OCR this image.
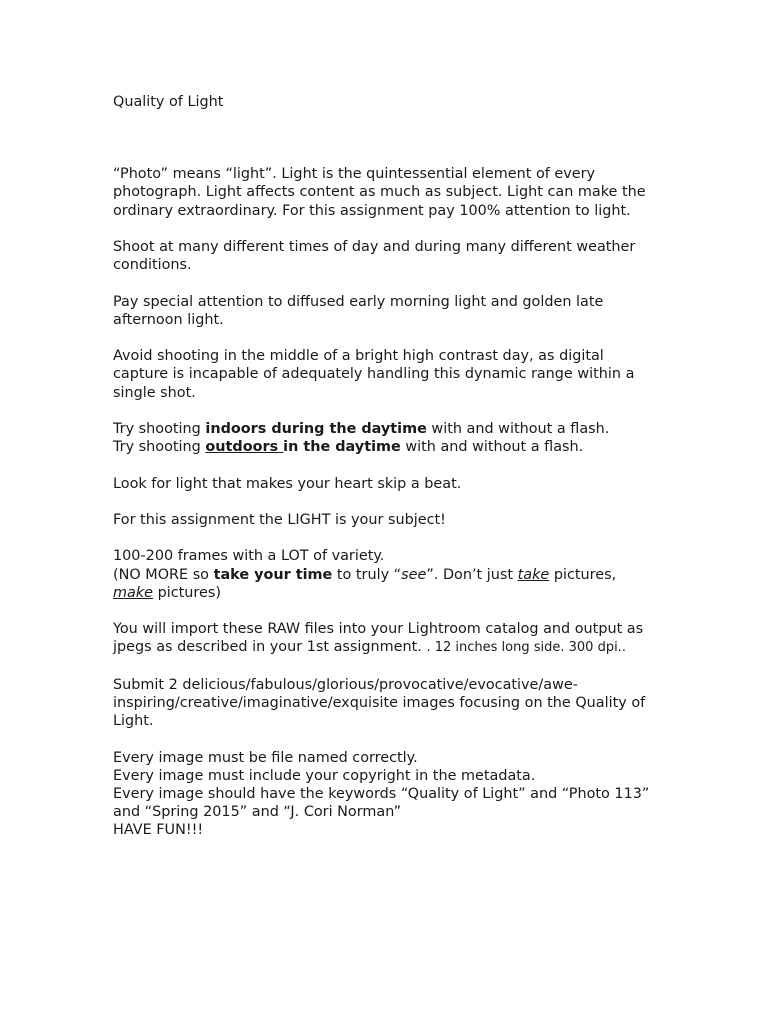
Quality of Light

“Photo” means “light”. Light is the quintessential element of every photograph. Light affects content as much as subject. Light can make the ordinary extraordinary. For this assignment pay 100% attention to light.

Shoot at many different times of day and during many different weather conditions.

Pay special attention to diffused early morning light and golden late afternoon light.

Avoid shooting in the middle of a bright high contrast day, as digital capture is incapable of adequately handling this dynamic range within a single shot.

Try shooting indoors during the daytime with and without a flash.

Try shooting outdoors in the daytime with and without a flash.

Look for light that makes your heart skip a beat.

For this assignment the LIGHT is your subject!

100-200 frames with a LOT of variety.

(NO MORE so take your time to truly “see”. Don’t just take pictures, make pictures)

You will import these RAW files into your Lightroom catalog and output as jpegs as described in your 1st assignment. . 12 inches long side. 300 dpi..

Submit 2 delicious/fabulous/glorious/provocative/evocative/awe-inspiring/creative/imaginative/exquisite images focusing on the Quality of Light.

Every image must be file named correctly.

Every image must include your copyright in the metadata.

Every image should have the keywords “Quality of Light” and “Photo 113” and “Spring 2015” and “J. Cori Norman”

HAVE FUN!!!
